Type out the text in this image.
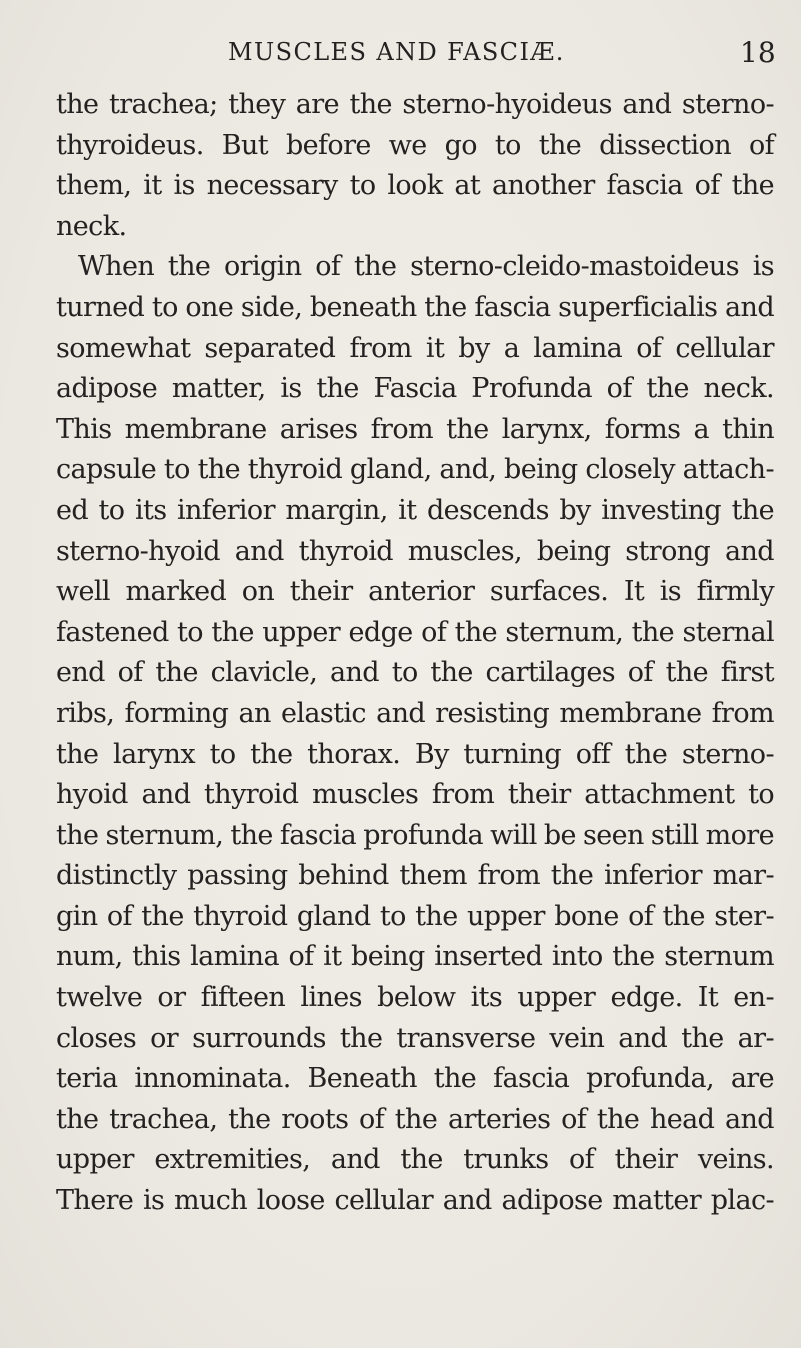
MUSCLES AND FASCIÆ.	18
the trachea; they are the sterno-hyoideus and sterno-
thyroideus. But before we go to the dissection of
them, it is necessary to look at another fascia of the
neck.
When the origin of the sterno-cleido-mastoideus is
turned to one side, beneath the fascia superficialis and
somewhat separated from it by a lamina of cellular
adipose matter, is the Fascia Profunda of the neck.
This membrane arises from the larynx, forms a thin
capsule to the thyroid gland, and, being closely attach-
ed to its inferior margin, it descends by investing the
sterno-hyoid and thyroid muscles, being strong and
well marked on their anterior surfaces. It is firmly
fastened to the upper edge of the sternum, the sternal
end of the clavicle, and to the cartilages of the first
ribs, forming an elastic and resisting membrane from
the larynx to the thorax. By turning off the sterno-
hyoid and thyroid muscles from their attachment to
the sternum, the fascia profunda will be seen still more
distinctly passing behind them from the inferior mar-
gin of the thyroid gland to the upper bone of the ster-
num, this lamina of it being inserted into the sternum
twelve or fifteen lines below its upper edge. It en-
closes or surrounds the transverse vein and the ar-
teria innominata. Beneath the fascia profunda, are
the trachea, the roots of the arteries of the head and
upper extremities, and the trunks of their veins.
There is much loose cellular and adipose matter plac-
